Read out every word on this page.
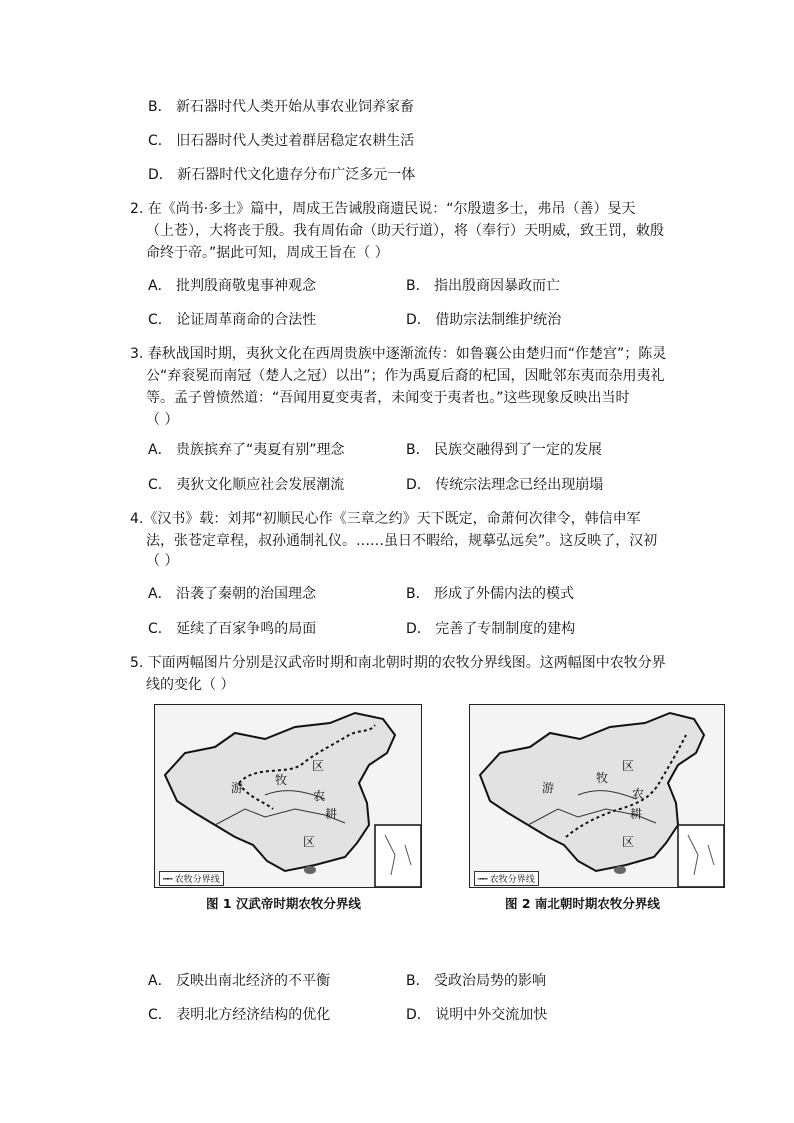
B． 新石器时代人类开始从事农业饲养家畜
C． 旧石器时代人类过着群居稳定农耕生活
D． 新石器时代文化遗存分布广泛多元一体
2. 在《尚书·多士》篇中，周成王告诫殷商遗民说：“尔殷遗多士，弗吊（善）旻天
（上苍），大将丧于殷。我有周佑命（助天行道），将（奉行）天明威，致王罚，敕殷
命终于帝。”据此可知，周成王旨在（ ）
A． 批判殷商敬鬼事神观念	B． 指出殷商因暴政而亡
C． 论证周革商命的合法性	D． 借助宗法制维护统治
3. 春秋战国时期，夷狄文化在西周贵族中逐渐流传：如鲁襄公由楚归而“作楚宫”；陈灵
公“弃衮冕而南冠（楚人之冠）以出”；作为禹夏后裔的杞国，因毗邻东夷而杂用夷礼
等。孟子曾愤然道：“吾闻用夏变夷者，未闻变于夷者也。”这些现象反映出当时
（ ）
A． 贵族摈弃了“夷夏有别”理念	B． 民族交融得到了一定的发展
C． 夷狄文化顺应社会发展潮流	D． 传统宗法理念已经出现崩塌
4.《汉书》载：刘邦“初顺民心作《三章之约》天下既定，命萧何次律令，韩信申军
法，张苍定章程，叔孙通制礼仪。……虽日不暇给，规摹弘远矣”。这反映了，汉初
（ ）
A． 沿袭了秦朝的治国理念	B． 形成了外儒内法的模式
C． 延续了百家争鸣的局面	D． 完善了专制制度的建构
5. 下面两幅图片分别是汉武帝时期和南北朝时期的农牧分界线图。这两幅图中农牧分界
线的变化（ ）
┅┅ 农牧分界线
游
牧
区
农
耕
区
图 1 汉武帝时期农牧分界线
┅┅ 农牧分界线
游
牧
区
农
耕
区
图 2 南北朝时期农牧分界线
A． 反映出南北经济的不平衡	B． 受政治局势的影响
C． 表明北方经济结构的优化	D． 说明中外交流加快
